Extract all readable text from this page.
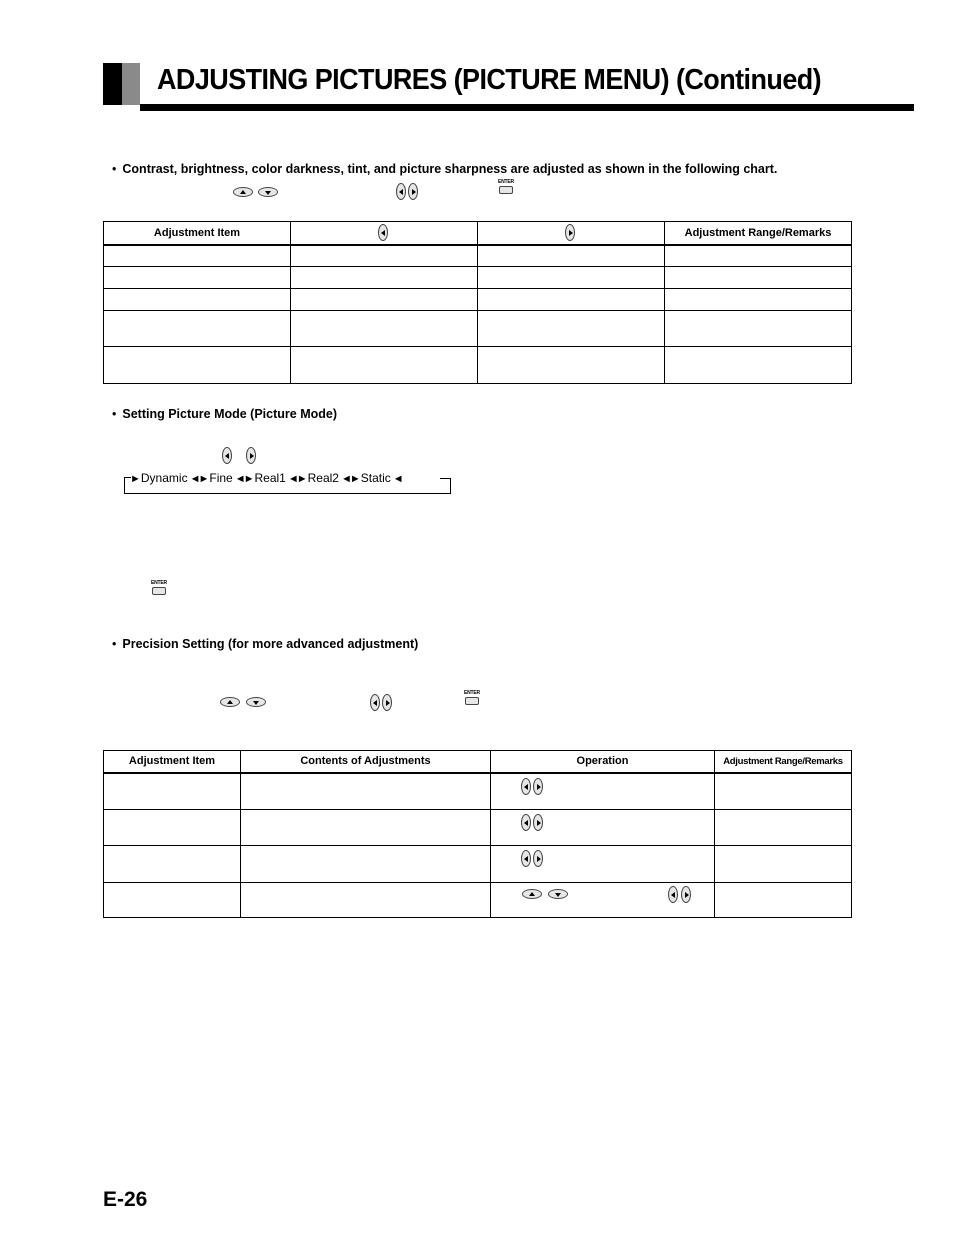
ADJUSTING PICTURES (PICTURE MENU) (Continued)
• Contrast, brightness, color darkness, tint, and picture sharpness are adjusted as shown in the following chart.
ENTER
Adjustment Item			Adjustment Range/Remarks

• Setting Picture Mode (Picture Mode)
► Dynamic ◄► Fine ◄► Real1 ◄► Real2 ◄► Static ◄
ENTER
• Precision Setting (for more advanced adjustment)
ENTER
Adjustment Item	Contents of Adjustments	Operation	Adjustment Range/Remarks

E-26
